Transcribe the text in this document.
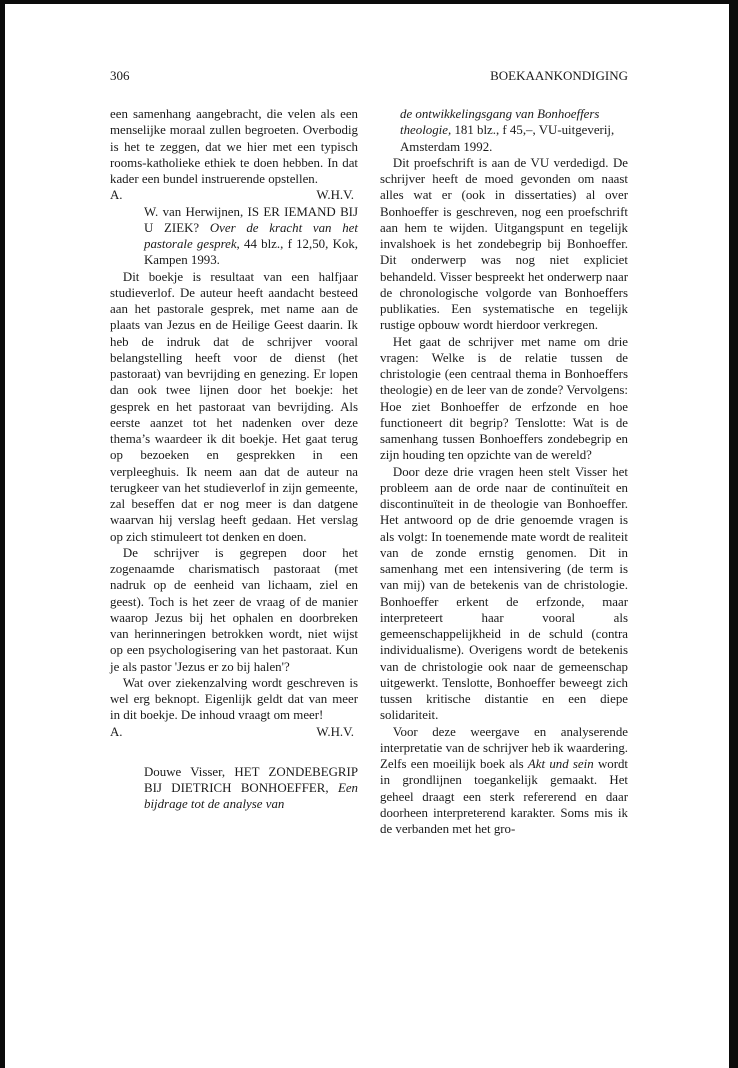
306	BOEKAANKONDIGING

een samenhang aangebracht, die velen als een menselijke moraal zullen begroeten. Overbodig is het te zeggen, dat we hier met een typisch rooms-katholieke ethiek te doen hebben. In dat kader een bundel instruerende opstellen.

A.	W.H.V.

W. van Herwijnen, IS ER IEMAND BIJ U ZIEK? Over de kracht van het pastorale gesprek, 44 blz., f 12,50, Kok, Kampen 1993.

Dit boekje is resultaat van een halfjaar studieverlof. De auteur heeft aandacht besteed aan het pastorale gesprek, met name aan de plaats van Jezus en de Heilige Geest daarin. Ik heb de indruk dat de schrijver vooral belangstelling heeft voor de dienst (het pastoraat) van bevrijding en genezing. Er lopen dan ook twee lijnen door het boekje: het gesprek en het pastoraat van bevrijding. Als eerste aanzet tot het nadenken over deze thema’s waardeer ik dit boekje. Het gaat terug op bezoeken en gesprekken in een verpleeghuis. Ik neem aan dat de auteur na terugkeer van het studieverlof in zijn gemeente, zal beseffen dat er nog meer is dan datgene waarvan hij verslag heeft gedaan. Het verslag op zich stimuleert tot denken en doen.

De schrijver is gegrepen door het zogenaamde charismatisch pastoraat (met nadruk op de eenheid van lichaam, ziel en geest). Toch is het zeer de vraag of de manier waarop Jezus bij het ophalen en doorbreken van herinneringen betrokken wordt, niet wijst op een psychologisering van het pastoraat. Kun je als pastor 'Jezus er zo bij halen'?

Wat over ziekenzalving wordt geschreven is wel erg beknopt. Eigenlijk geldt dat van meer in dit boekje. De inhoud vraagt om meer!

A.	W.H.V.

Douwe Visser, HET ZONDEBEGRIP BIJ DIETRICH BONHOEFFER, Een bijdrage tot de analyse van

de ontwikkelingsgang van Bonhoeffers theologie, 181 blz., f 45,–, VU-uitgeverij, Amsterdam 1992.

Dit proefschrift is aan de VU verdedigd. De schrijver heeft de moed gevonden om naast alles wat er (ook in dissertaties) al over Bonhoeffer is geschreven, nog een proefschrift aan hem te wijden. Uitgangspunt en tegelijk invalshoek is het zondebegrip bij Bonhoeffer. Dit onderwerp was nog niet expliciet behandeld. Visser bespreekt het onderwerp naar de chronologische volgorde van Bonhoeffers publikaties. Een systematische en tegelijk rustige opbouw wordt hierdoor verkregen.

Het gaat de schrijver met name om drie vragen: Welke is de relatie tussen de christologie (een centraal thema in Bonhoeffers theologie) en de leer van de zonde? Vervolgens: Hoe ziet Bonhoeffer de erfzonde en hoe functioneert dit begrip? Tenslotte: Wat is de samenhang tussen Bonhoeffers zondebegrip en zijn houding ten opzichte van de wereld?

Door deze drie vragen heen stelt Visser het probleem aan de orde naar de continuïteit en discontinuïteit in de theologie van Bonhoeffer. Het antwoord op de drie genoemde vragen is als volgt: In toenemende mate wordt de realiteit van de zonde ernstig genomen. Dit in samenhang met een intensivering (de term is van mij) van de betekenis van de christologie. Bonhoeffer erkent de erfzonde, maar interpreteert haar vooral als gemeenschappelijkheid in de schuld (contra individualisme). Overigens wordt de betekenis van de christologie ook naar de gemeenschap uitgewerkt. Tenslotte, Bonhoeffer beweegt zich tussen kritische distantie en een diepe solidariteit.

Voor deze weergave en analyserende interpretatie van de schrijver heb ik waardering. Zelfs een moeilijk boek als Akt und sein wordt in grondlijnen toegankelijk gemaakt. Het geheel draagt een sterk refererend en daar doorheen interpreterend karakter. Soms mis ik de verbanden met het gro-
